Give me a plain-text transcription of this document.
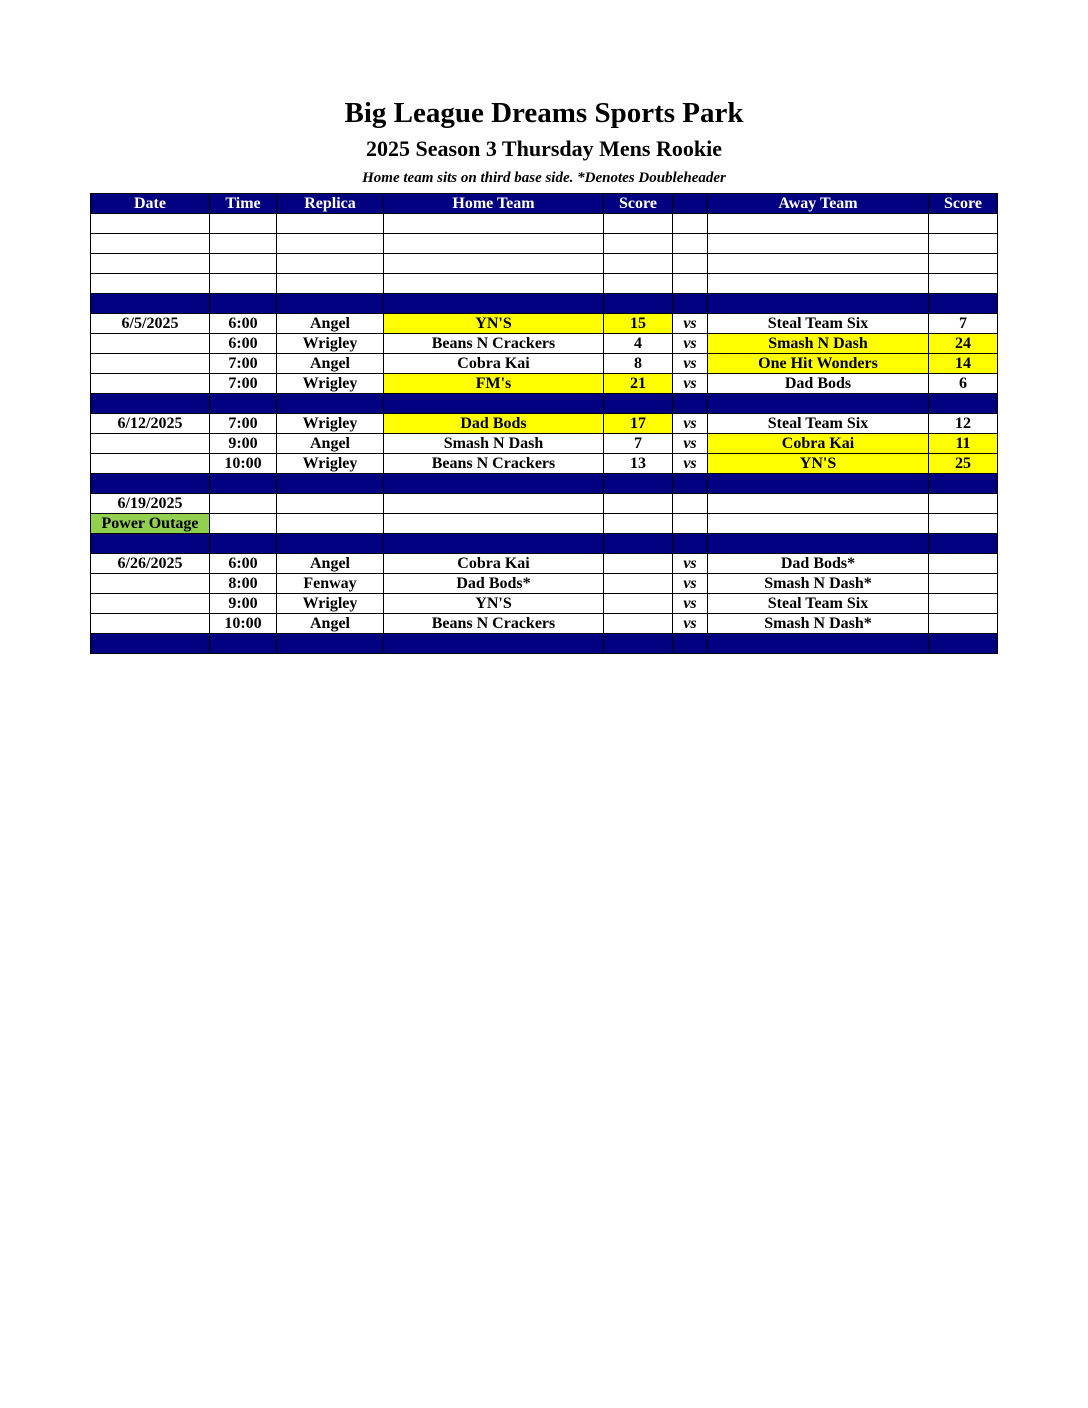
Big League Dreams Sports Park
2025 Season 3 Thursday Mens Rookie
Home team sits on third base side. *Denotes Doubleheader
Date	Time	Replica	Home Team	Score		Away Team	Score

6/5/2025	6:00	Angel	YN'S	15	vs	Steal Team Six	7
	6:00	Wrigley	Beans N Crackers	4	vs	Smash N Dash	24
	7:00	Angel	Cobra Kai	8	vs	One Hit Wonders	14
	7:00	Wrigley	FM's	21	vs	Dad Bods	6

6/12/2025	7:00	Wrigley	Dad Bods	17	vs	Steal Team Six	12
	9:00	Angel	Smash N Dash	7	vs	Cobra Kai	11
	10:00	Wrigley	Beans N Crackers	13	vs	YN'S	25

6/19/2025							
Power Outage							

6/26/2025	6:00	Angel	Cobra Kai		vs	Dad Bods*	
	8:00	Fenway	Dad Bods*		vs	Smash N Dash*	
	9:00	Wrigley	YN'S		vs	Steal Team Six	
	10:00	Angel	Beans N Crackers		vs	Smash N Dash*	
